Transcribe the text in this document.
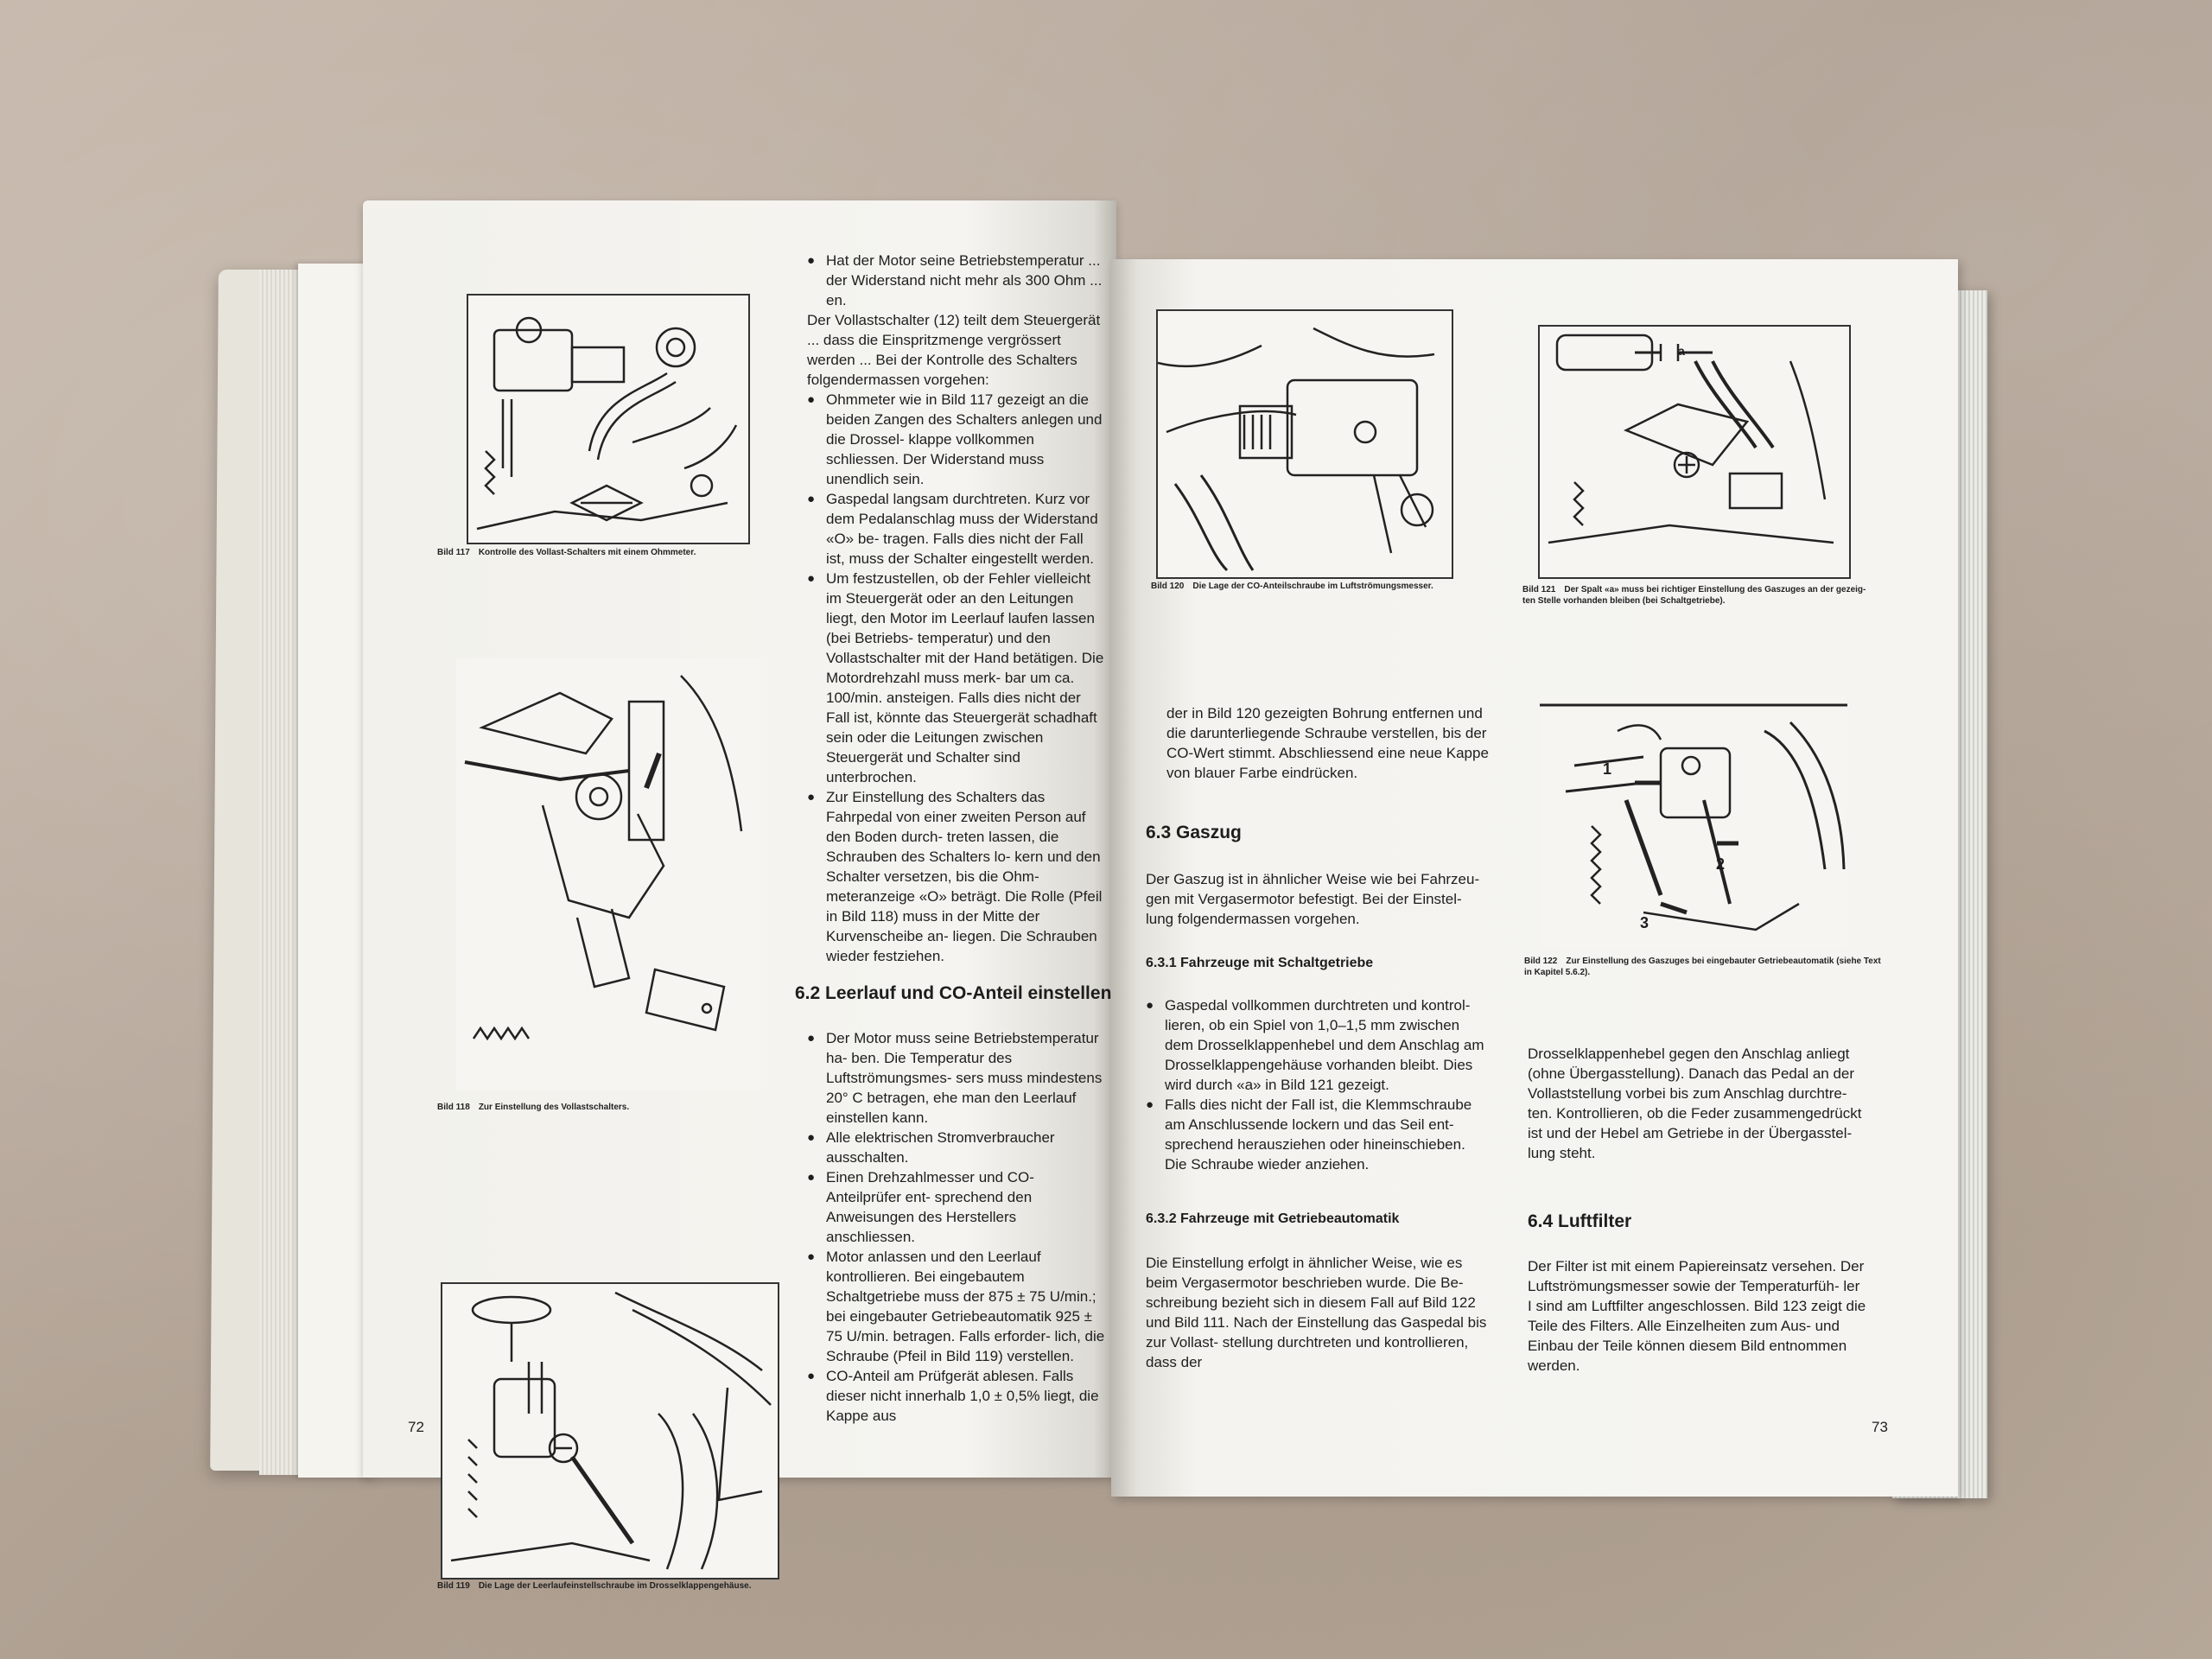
Bild 117 Kontrolle des Vollast-Schalters mit einem Ohmmeter.
Bild 118 Zur Einstellung des Vollastschalters.
Bild 119 Die Lage der Leerlaufeinstellschraube im Drosselklappengehäuse.

● Hat der Motor seine Betriebstemperatur ... der Widerstand nicht mehr als 300 Ohm ... en.

Der Vollastschalter (12) teilt dem Steuergerät ... dass die Einspritzmenge vergrössert werden ... Bei der Kontrolle des Schalters folgendermassen vorgehen:

● Ohmmeter wie in Bild 117 gezeigt an die beiden Zangen des Schalters anlegen und die Drossel- klappe vollkommen schliessen. Der Widerstand muss unendlich sein.

● Gaspedal langsam durchtreten. Kurz vor dem Pedalanschlag muss der Widerstand «O» be- tragen. Falls dies nicht der Fall ist, muss der Schalter eingestellt werden.

● Um festzustellen, ob der Fehler vielleicht im Steuergerät oder an den Leitungen liegt, den Motor im Leerlauf laufen lassen (bei Betriebs- temperatur) und den Vollastschalter mit der Hand betätigen. Die Motordrehzahl muss merk- bar um ca. 100/min. ansteigen. Falls dies nicht der Fall ist, könnte das Steuergerät schadhaft sein oder die Leitungen zwischen Steuergerät und Schalter sind unterbrochen.

● Zur Einstellung des Schalters das Fahrpedal von einer zweiten Person auf den Boden durch- treten lassen, die Schrauben des Schalters lo- kern und den Schalter versetzen, bis die Ohm- meteranzeige «O» beträgt. Die Rolle (Pfeil in Bild 118) muss in der Mitte der Kurvenscheibe an- liegen. Die Schrauben wieder festziehen.

6.2 Leerlauf und CO-Anteil einstellen

● Der Motor muss seine Betriebstemperatur ha- ben. Die Temperatur des Luftströmungsmes- sers muss mindestens 20° C betragen, ehe man den Leerlauf einstellen kann.

● Alle elektrischen Stromverbraucher ausschalten.

● Einen Drehzahlmesser und CO-Anteilprüfer ent- sprechend den Anweisungen des Herstellers anschliessen.

● Motor anlassen und den Leerlauf kontrollieren. Bei eingebautem Schaltgetriebe muss der 875 ± 75 U/min.; bei eingebauter Getriebeautomatik 925 ± 75 U/min. betragen. Falls erforder- lich, die Schraube (Pfeil in Bild 119) verstellen.

● CO-Anteil am Prüfgerät ablesen. Falls dieser nicht innerhalb 1,0 ± 0,5% liegt, die Kappe aus

72
Bild 120 Die Lage der CO-Anteilschraube im Luftströmungsmesser.	Bild 121 Der Spalt «a» muss bei richtiger Einstellung des Gaszuges an der gezeig- ten Stelle vorhanden bleiben (bei Schaltgetriebe).
a
1
2
3
Bild 122 Zur Einstellung des Gaszuges bei eingebauter Getriebeautomatik (siehe Text in Kapitel 5.6.2).
der in Bild 120 gezeigten Bohrung entfernen und die darunterliegende Schraube verstellen, bis der CO-Wert stimmt. Abschliessend eine neue Kappe von blauer Farbe eindrücken.
6.3 Gaszug
Der Gaszug ist in ähnlicher Weise wie bei Fahrzeu- gen mit Vergasermotor befestigt. Bei der Einstel- lung folgendermassen vorgehen.
6.3.1 Fahrzeuge mit Schaltgetriebe

● Gaspedal vollkommen durchtreten und kontrol- lieren, ob ein Spiel von 1,0–1,5 mm zwischen dem Drosselklappenhebel und dem Anschlag am Drosselklappengehäuse vorhanden bleibt. Dies wird durch «a» in Bild 121 gezeigt.

● Falls dies nicht der Fall ist, die Klemmschraube am Anschlussende lockern und das Seil ent- sprechend herausziehen oder hineinschieben. Die Schraube wieder anziehen.

6.3.2 Fahrzeuge mit Getriebeautomatik
Die Einstellung erfolgt in ähnlicher Weise, wie es beim Vergasermotor beschrieben wurde. Die Be- schreibung bezieht sich in diesem Fall auf Bild 122 und Bild 111. Nach der Einstellung das Gaspedal bis zur Vollast- stellung durchtreten und kontrollieren, dass der
Drosselklappenhebel gegen den Anschlag anliegt (ohne Übergasstellung). Danach das Pedal an der Vollaststellung vorbei bis zum Anschlag durchtre- ten. Kontrollieren, ob die Feder zusammengedrückt ist und der Hebel am Getriebe in der Übergasstel- lung steht.
6.4 Luftfilter
Der Filter ist mit einem Papiereinsatz versehen. Der Luftströmungsmesser sowie der Temperaturfüh- ler I sind am Luftfilter angeschlossen. Bild 123 zeigt die Teile des Filters. Alle Einzelheiten zum Aus- und Einbau der Teile können diesem Bild entnommen werden.
73
